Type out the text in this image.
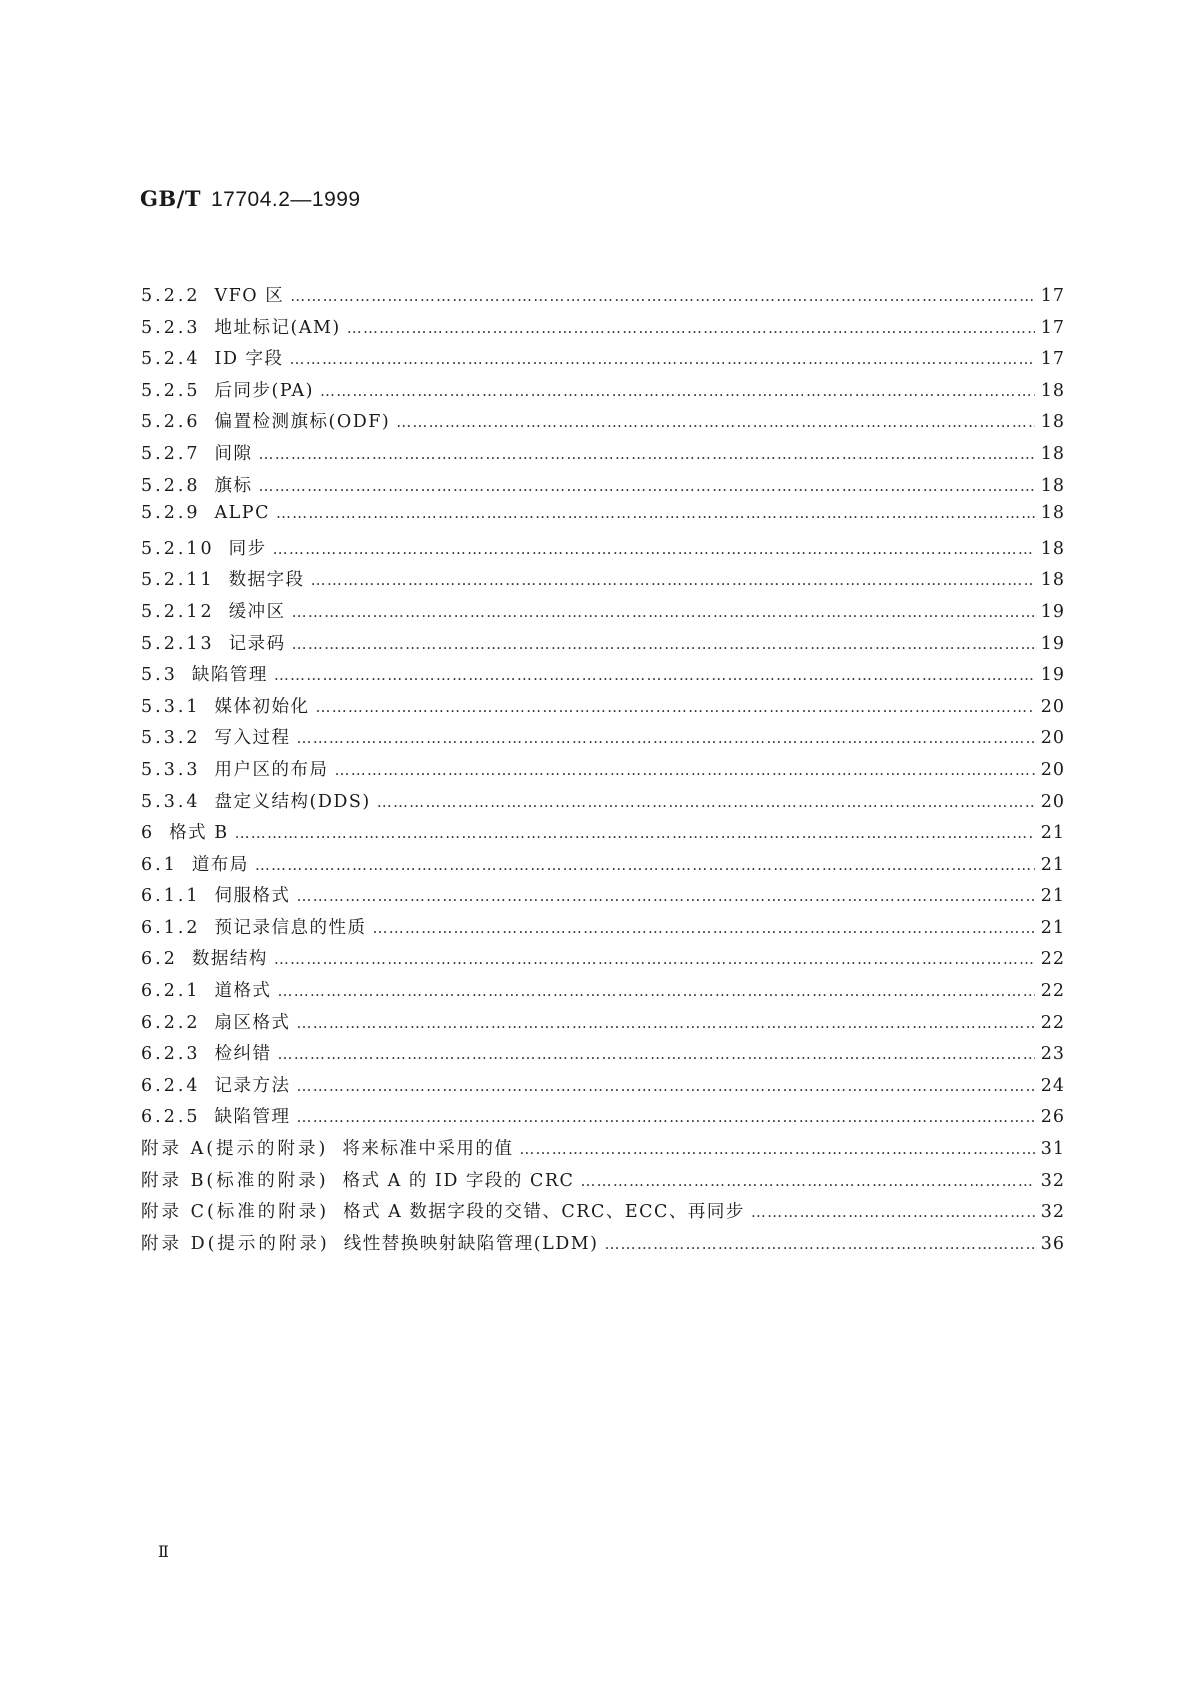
GB/T 17704.2—1999
5.2.2 VFO 区 ……………………………………………………………………………………………………………………………………………………………………………………	17
5.2.3 地址标记(AM) ……………………………………………………………………………………………………………………………………………………………………………………	17
5.2.4 ID 字段 ……………………………………………………………………………………………………………………………………………………………………………………	17
5.2.5 后同步(PA) ……………………………………………………………………………………………………………………………………………………………………………………	18
5.2.6 偏置检测旗标(ODF) ……………………………………………………………………………………………………………………………………………………………………………………	18
5.2.7 间隙 ……………………………………………………………………………………………………………………………………………………………………………………	18
5.2.8 旗标 ……………………………………………………………………………………………………………………………………………………………………………………	18
5.2.9 ALPC ……………………………………………………………………………………………………………………………………………………………………………………	18
5.2.10 同步 ……………………………………………………………………………………………………………………………………………………………………………………	18
5.2.11 数据字段 ……………………………………………………………………………………………………………………………………………………………………………………	18
5.2.12 缓冲区 ……………………………………………………………………………………………………………………………………………………………………………………	19
5.2.13 记录码 ……………………………………………………………………………………………………………………………………………………………………………………	19
5.3 缺陷管理 ……………………………………………………………………………………………………………………………………………………………………………………	19
5.3.1 媒体初始化 ……………………………………………………………………………………………………………………………………………………………………………………	20
5.3.2 写入过程 ……………………………………………………………………………………………………………………………………………………………………………………	20
5.3.3 用户区的布局 ……………………………………………………………………………………………………………………………………………………………………………………	20
5.3.4 盘定义结构(DDS) ……………………………………………………………………………………………………………………………………………………………………………………	20
6 格式 B ……………………………………………………………………………………………………………………………………………………………………………………	21
6.1 道布局 ……………………………………………………………………………………………………………………………………………………………………………………	21
6.1.1 伺服格式 ……………………………………………………………………………………………………………………………………………………………………………………	21
6.1.2 预记录信息的性质 ……………………………………………………………………………………………………………………………………………………………………………………	21
6.2 数据结构 ……………………………………………………………………………………………………………………………………………………………………………………	22
6.2.1 道格式 ……………………………………………………………………………………………………………………………………………………………………………………	22
6.2.2 扇区格式 ……………………………………………………………………………………………………………………………………………………………………………………	22
6.2.3 检纠错 ……………………………………………………………………………………………………………………………………………………………………………………	23
6.2.4 记录方法 ……………………………………………………………………………………………………………………………………………………………………………………	24
6.2.5 缺陷管理 ……………………………………………………………………………………………………………………………………………………………………………………	26
附录 A(提示的附录) 将来标准中采用的值 ……………………………………………………………………………………………………………………………………………………………………………………	31
附录 B(标准的附录) 格式 A 的 ID 字段的 CRC ……………………………………………………………………………………………………………………………………………………………………………………	32
附录 C(标准的附录) 格式 A 数据字段的交错、CRC、ECC、再同步 ……………………………………………………………………………………………………………………………………………………………………………………	32
附录 D(提示的附录) 线性替换映射缺陷管理(LDM) ……………………………………………………………………………………………………………………………………………………………………………………	36
Ⅱ
